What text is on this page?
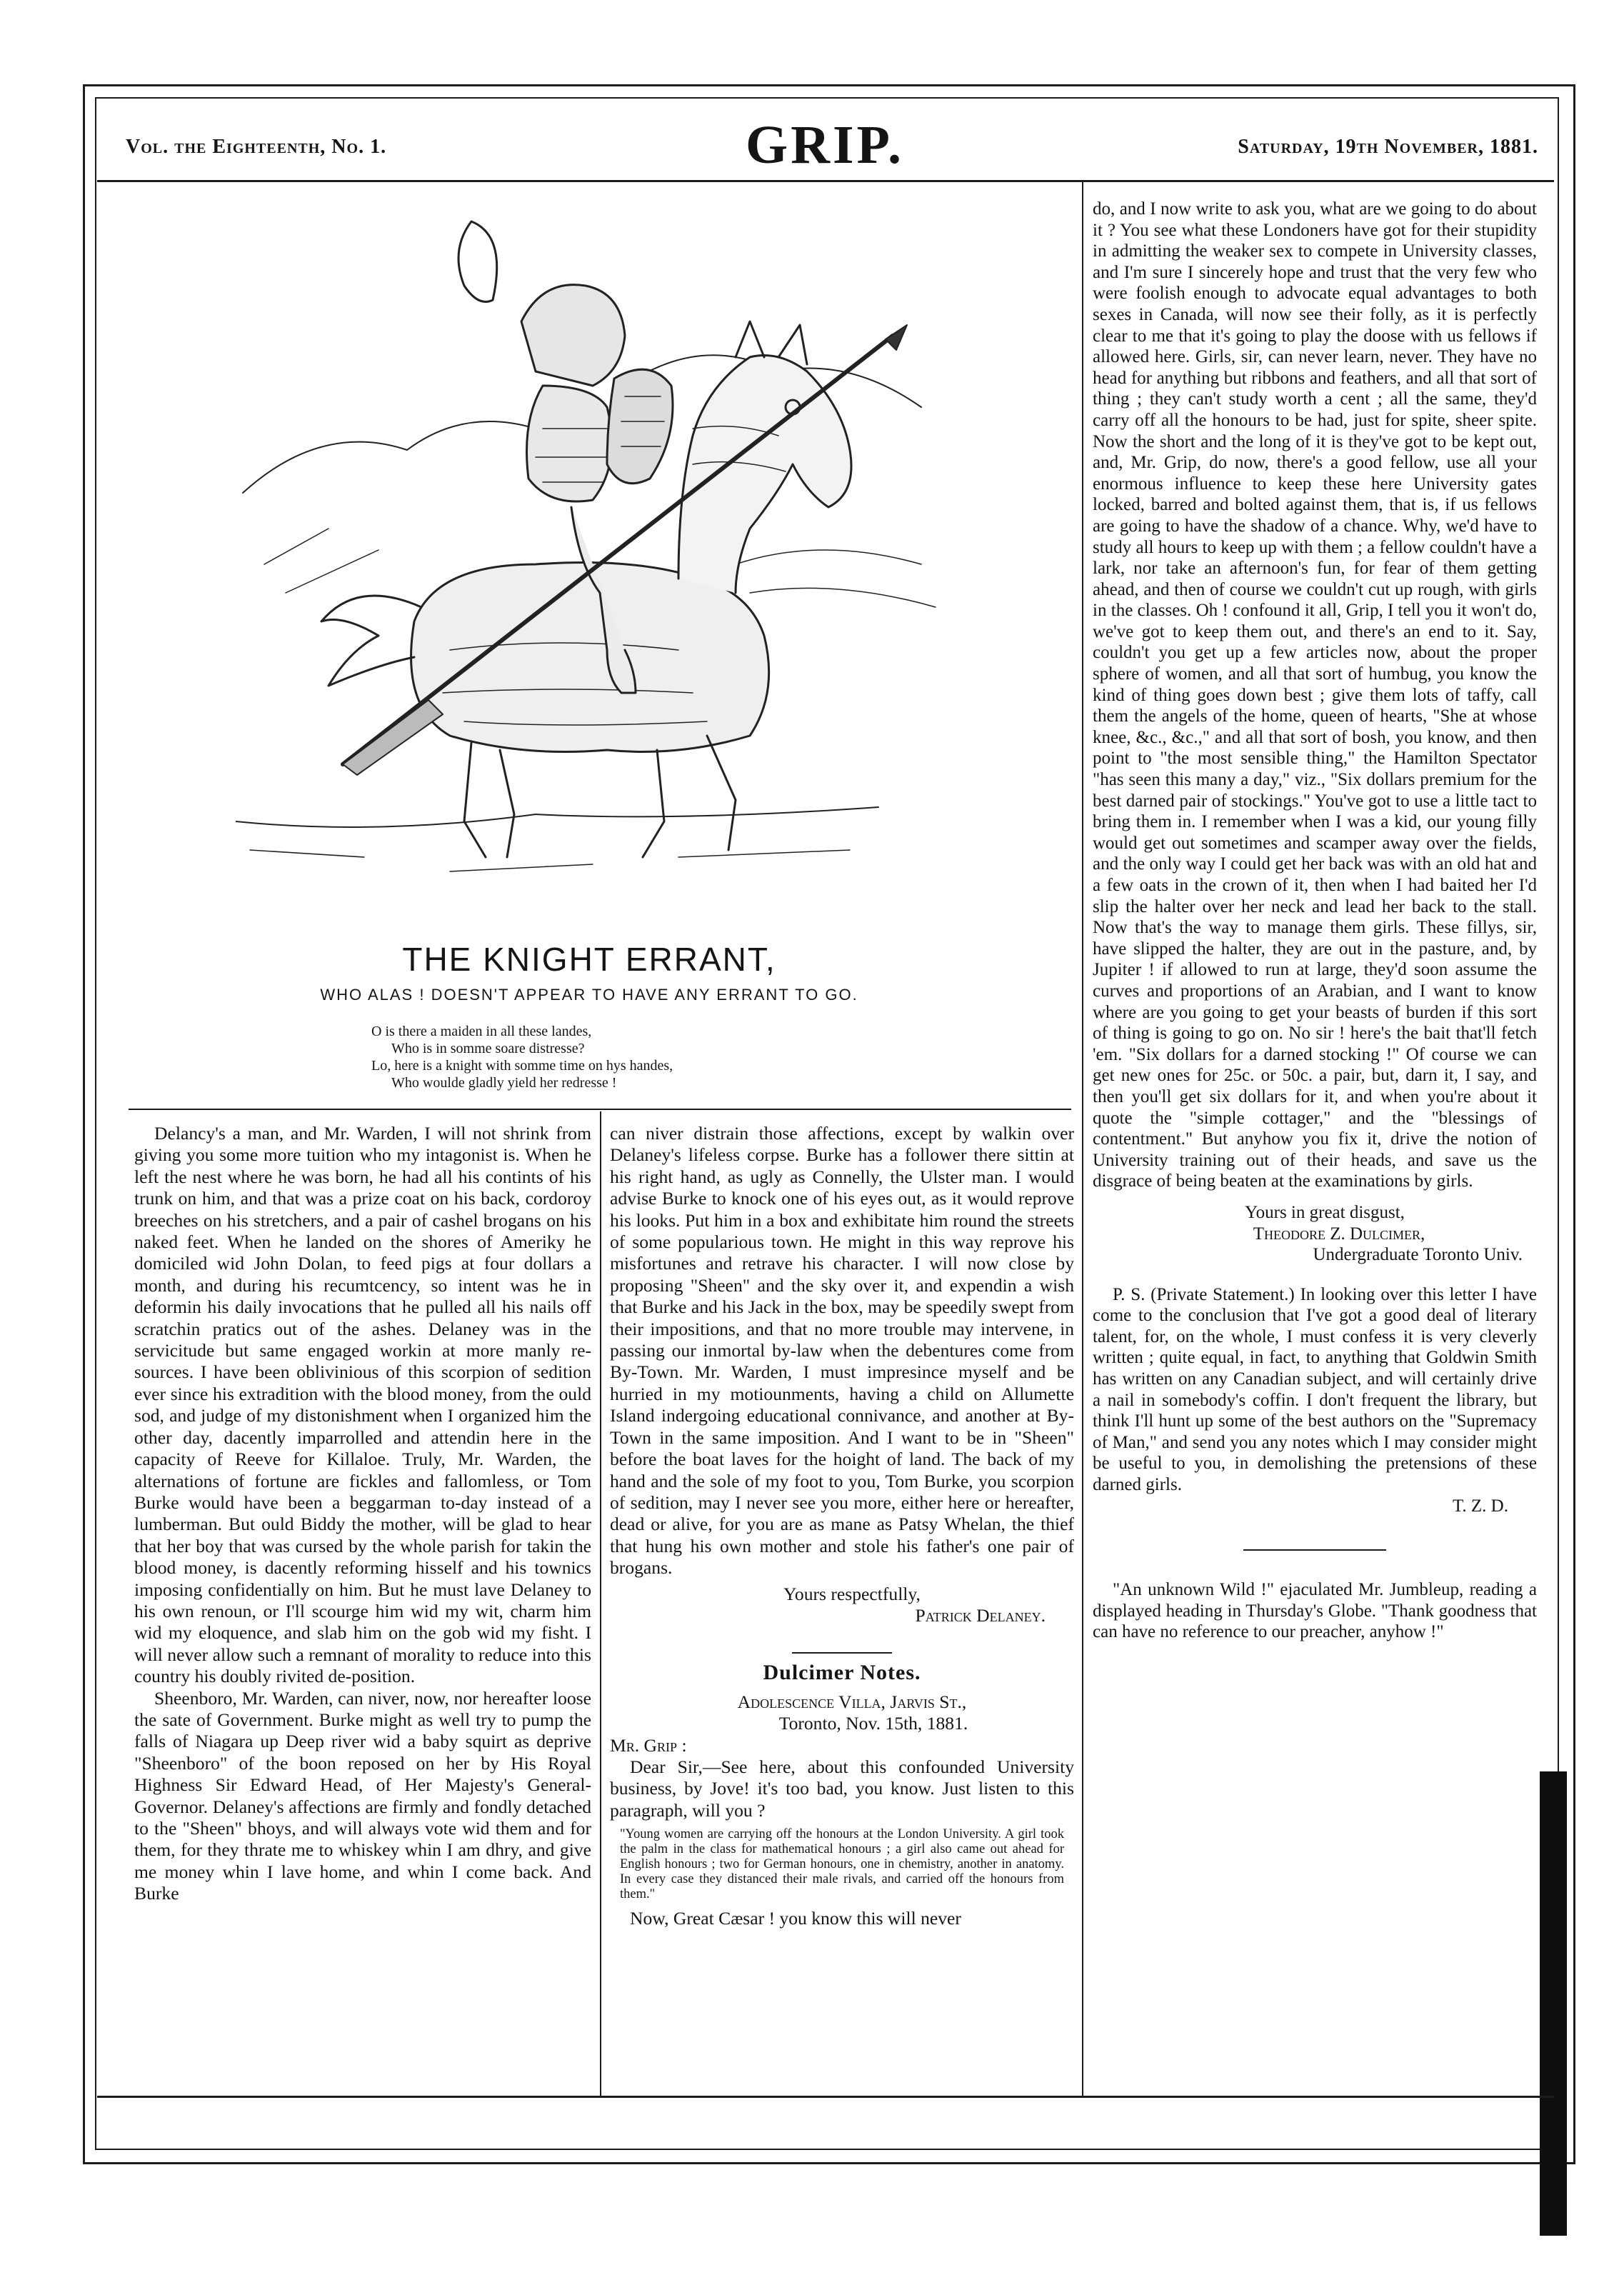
Vol. the Eighteenth, No. 1.	GRIP.	Saturday, 19th November, 1881.
THE KNIGHT ERRANT,
WHO ALAS ! DOESN'T APPEAR TO HAVE ANY ERRANT TO GO.
O is there a maiden in all these landes,
Who is in somme soare distresse?
Lo, here is a knight with somme time on hys handes,
Who woulde gladly yield her redresse !

Delancy's a man, and Mr. Warden, I will not shrink from giving you some more tuition who my intagonist is. When he left the nest where he was born, he had all his contints of his trunk on him, and that was a prize coat on his back, cordoroy breeches on his stretchers, and a pair of cashel brogans on his naked feet. When he landed on the shores of Ameriky he domiciled wid John Dolan, to feed pigs at four dollars a month, and during his recumtcency, so intent was he in deformin his daily invocations that he pulled all his nails off scratchin pratics out of the ashes. Delaney was in the servicitude but same engaged workin at more manly re-sources. I have been oblivinious of this scorpion of sedition ever since his extradition with the blood money, from the ould sod, and judge of my distonishment when I organized him the other day, dacently imparrolled and attendin here in the capacity of Reeve for Killaloe. Truly, Mr. Warden, the alternations of fortune are fickles and fallomless, or Tom Burke would have been a beggarman to-day instead of a lumberman. But ould Biddy the mother, will be glad to hear that her boy that was cursed by the whole parish for takin the blood money, is dacently reforming hisself and his townics imposing confidentially on him. But he must lave Delaney to his own renoun, or I'll scourge him wid my wit, charm him wid my eloquence, and slab him on the gob wid my fisht. I will never allow such a remnant of morality to reduce into this country his doubly rivited de-position.

Sheenboro, Mr. Warden, can niver, now, nor hereafter loose the sate of Government. Burke might as well try to pump the falls of Niagara up Deep river wid a baby squirt as deprive "Sheenboro" of the boon reposed on her by His Royal Highness Sir Edward Head, of Her Majesty's General-Governor. Delaney's affections are firmly and fondly detached to the "Sheen" bhoys, and will always vote wid them and for them, for they thrate me to whiskey whin I am dhry, and give me money whin I lave home, and whin I come back. And Burke

can niver distrain those affections, except by walkin over Delaney's lifeless corpse. Burke has a follower there sittin at his right hand, as ugly as Connelly, the Ulster man. I would advise Burke to knock one of his eyes out, as it would reprove his looks. Put him in a box and exhibitate him round the streets of some popularious town. He might in this way reprove his misfortunes and retrave his character. I will now close by proposing "Sheen" and the sky over it, and expendin a wish that Burke and his Jack in the box, may be speedily swept from their impositions, and that no more trouble may intervene, in passing our inmortal by-law when the debentures come from By-Town. Mr. Warden, I must impresince myself and be hurried in my motiounments, having a child on Allumette Island indergoing educational connivance, and another at By-Town in the same imposition. And I want to be in "Sheen" before the boat laves for the hoight of land. The back of my hand and the sole of my foot to you, Tom Burke, you scorpion of sedition, may I never see you more, either here or hereafter, dead or alive, for you are as mane as Patsy Whelan, the thief that hung his own mother and stole his father's one pair of brogans.

Yours respectfully,

Patrick Delaney.

Dulcimer Notes.

Adolescence Villa, Jarvis St.,

Toronto, Nov. 15th, 1881.

Mr. Grip :

Dear Sir,—See here, about this confounded University business, by Jove! it's too bad, you know. Just listen to this paragraph, will you ?

"Young women are carrying off the honours at the London University. A girl took the palm in the class for mathematical honours ; a girl also came out ahead for English honours ; two for German honours, one in chemistry, another in anatomy. In every case they distanced their male rivals, and carried off the honours from them."

Now, Great Cæsar ! you know this will never

do, and I now write to ask you, what are we going to do about it ? You see what these Londoners have got for their stupidity in admitting the weaker sex to compete in University classes, and I'm sure I sincerely hope and trust that the very few who were foolish enough to advocate equal advantages to both sexes in Canada, will now see their folly, as it is perfectly clear to me that it's going to play the doose with us fellows if allowed here. Girls, sir, can never learn, never. They have no head for anything but ribbons and feathers, and all that sort of thing ; they can't study worth a cent ; all the same, they'd carry off all the honours to be had, just for spite, sheer spite. Now the short and the long of it is they've got to be kept out, and, Mr. Grip, do now, there's a good fellow, use all your enormous influence to keep these here University gates locked, barred and bolted against them, that is, if us fellows are going to have the shadow of a chance. Why, we'd have to study all hours to keep up with them ; a fellow couldn't have a lark, nor take an afternoon's fun, for fear of them getting ahead, and then of course we couldn't cut up rough, with girls in the classes. Oh ! confound it all, Grip, I tell you it won't do, we've got to keep them out, and there's an end to it. Say, couldn't you get up a few articles now, about the proper sphere of women, and all that sort of humbug, you know the kind of thing goes down best ; give them lots of taffy, call them the angels of the home, queen of hearts, "She at whose knee, &c., &c.," and all that sort of bosh, you know, and then point to "the most sensible thing," the Hamilton Spectator "has seen this many a day," viz., "Six dollars premium for the best darned pair of stockings." You've got to use a little tact to bring them in. I remember when I was a kid, our young filly would get out sometimes and scamper away over the fields, and the only way I could get her back was with an old hat and a few oats in the crown of it, then when I had baited her I'd slip the halter over her neck and lead her back to the stall. Now that's the way to manage them girls. These fillys, sir, have slipped the halter, they are out in the pasture, and, by Jupiter ! if allowed to run at large, they'd soon assume the curves and proportions of an Arabian, and I want to know where are you going to get your beasts of burden if this sort of thing is going to go on. No sir ! here's the bait that'll fetch 'em. "Six dollars for a darned stocking !" Of course we can get new ones for 25c. or 50c. a pair, but, darn it, I say, and then you'll get six dollars for it, and when you're about it quote the "simple cottager," and the "blessings of contentment." But anyhow you fix it, drive the notion of University training out of their heads, and save us the disgrace of being beaten at the examinations by girls.

Yours in great disgust,

Theodore Z. Dulcimer,

Undergraduate Toronto Univ.

P. S. (Private Statement.) In looking over this letter I have come to the conclusion that I've got a good deal of literary talent, for, on the whole, I must confess it is very cleverly written ; quite equal, in fact, to anything that Goldwin Smith has written on any Canadian subject, and will certainly drive a nail in somebody's coffin. I don't frequent the library, but think I'll hunt up some of the best authors on the "Supremacy of Man," and send you any notes which I may consider might be useful to you, in demolishing the pretensions of these darned girls.

T. Z. D.

"An unknown Wild !" ejaculated Mr. Jumbleup, reading a displayed heading in Thursday's Globe. "Thank goodness that can have no reference to our preacher, anyhow !"
